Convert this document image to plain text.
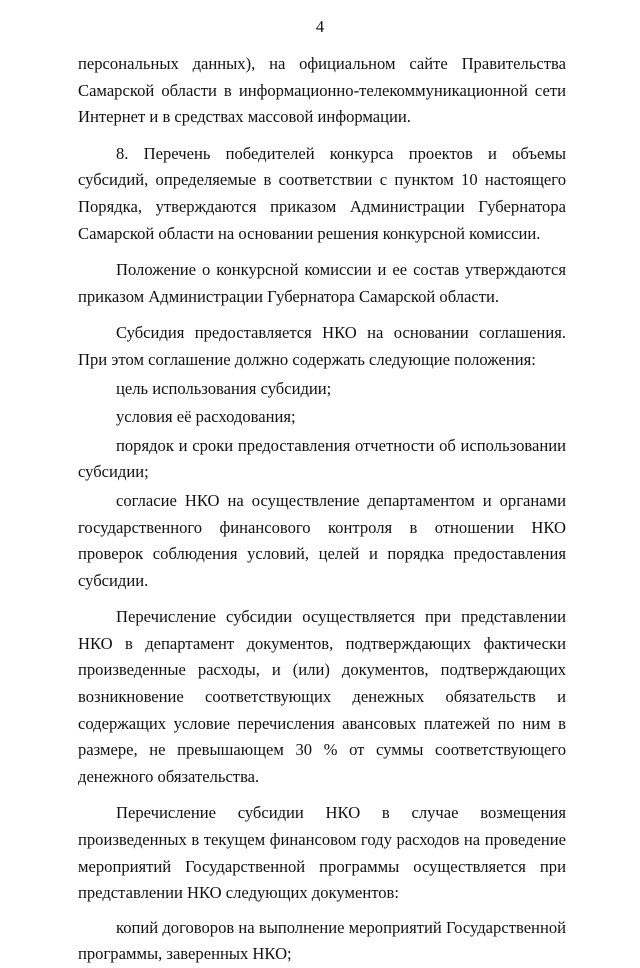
4

персональных данных), на официальном сайте Правительства Самарской области в информационно-телекоммуникационной сети Интернет и в средствах массовой информации.

8. Перечень победителей конкурса проектов и объемы субсидий, определяемые в соответствии с пунктом 10 настоящего Порядка, утверждаются приказом Администрации Губернатора Самарской области на основании решения конкурсной комиссии.

Положение о конкурсной комиссии и ее состав утверждаются приказом Администрации Губернатора Самарской области.

Субсидия предоставляется НКО на основании соглашения. При этом соглашение должно содержать следующие положения:

цель использования субсидии;

условия её расходования;

порядок и сроки предоставления отчетности об использовании субсидии;

согласие НКО на осуществление департаментом и органами государственного финансового контроля в отношении НКО проверок соблюдения условий, целей и порядка предоставления субсидии.

Перечисление субсидии осуществляется при представлении НКО в департамент документов, подтверждающих фактически произведенные расходы, и (или) документов, подтверждающих возникновение соответствующих денежных обязательств и содержащих условие перечисления авансовых платежей по ним в размере, не превышающем 30 % от суммы соответствующего денежного обязательства.

Перечисление субсидии НКО в случае возмещения произведенных в текущем финансовом году расходов на проведение мероприятий Государственной программы осуществляется при представлении НКО следующих документов:

копий договоров на выполнение мероприятий Государственной программы, заверенных НКО;
